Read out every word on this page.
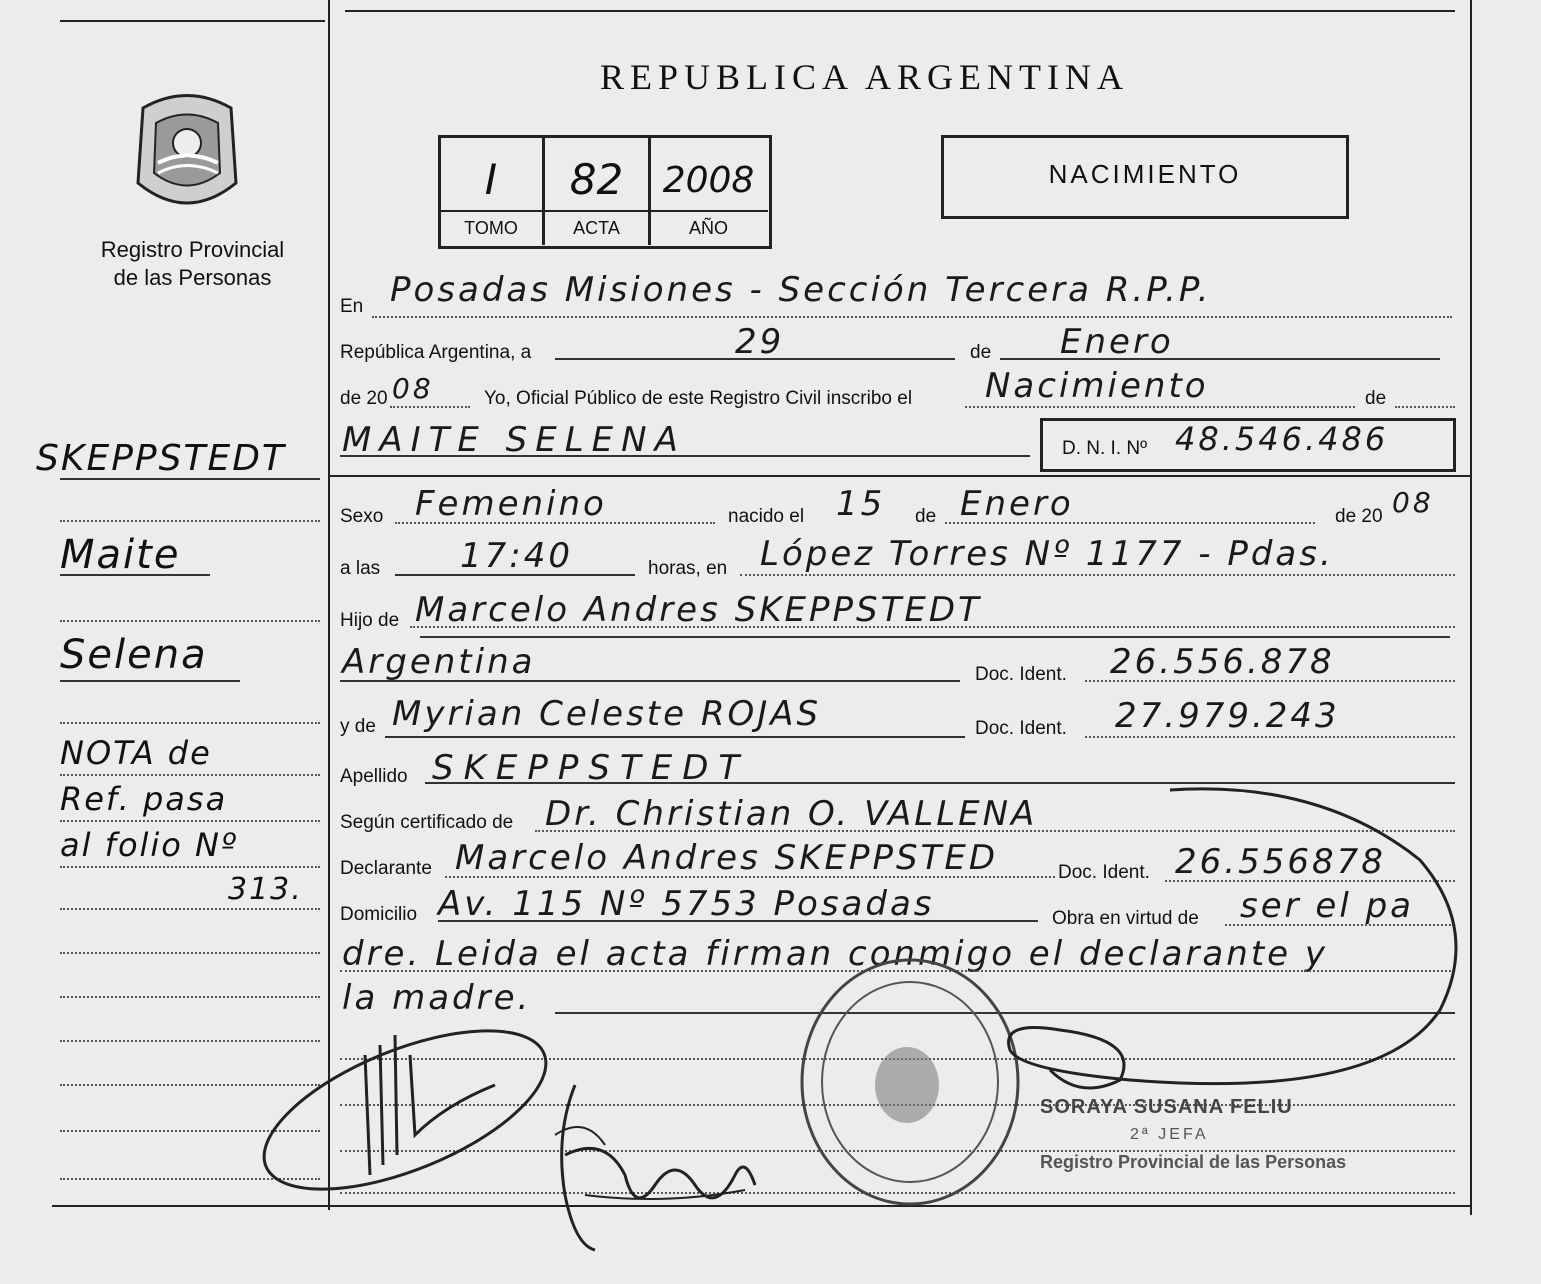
Registro Provincial
de las Personas
REPUBLICA ARGENTINA
I	82	2008
TOMO	ACTA	AÑO
NACIMIENTO
En Posadas Misiones - Sección Tercera R.P.P.
República Argentina, a	29	de Enero
de 20 08	Yo, Oficial Público de este Registro Civil inscribo el Nacimiento	de
MAITE SELENA	D. N. I. Nº 48.546.486
Sexo Femenino	nacido el 15 de Enero	de 20 08
a las 17:40	horas, en López Torres Nº 1177 - Pdas.
Hijo de Marcelo Andres SKEPPSTEDT
Argentina	Doc. Ident. 26.556.878
y de Myrian Celeste ROJAS	Doc. Ident. 27.979.243
Apellido SKEPPSTEDT
Según certificado de Dr. Christian O. VALLENA
Declarante Marcelo Andres SKEPPSTED	Doc. Ident. 26.556878
Domicilio Av. 115 Nº 5753 Posadas	Obra en virtud de ser el pa
dre. Leida el acta firman conmigo el declarante y
la madre.
SKEPPSTEDT
Maite
Selena
NOTA de
Ref. pasa
al folio Nº
313.
SORAYA SUSANA FELIU
2ª JEFA
Registro Provincial de las Personas
